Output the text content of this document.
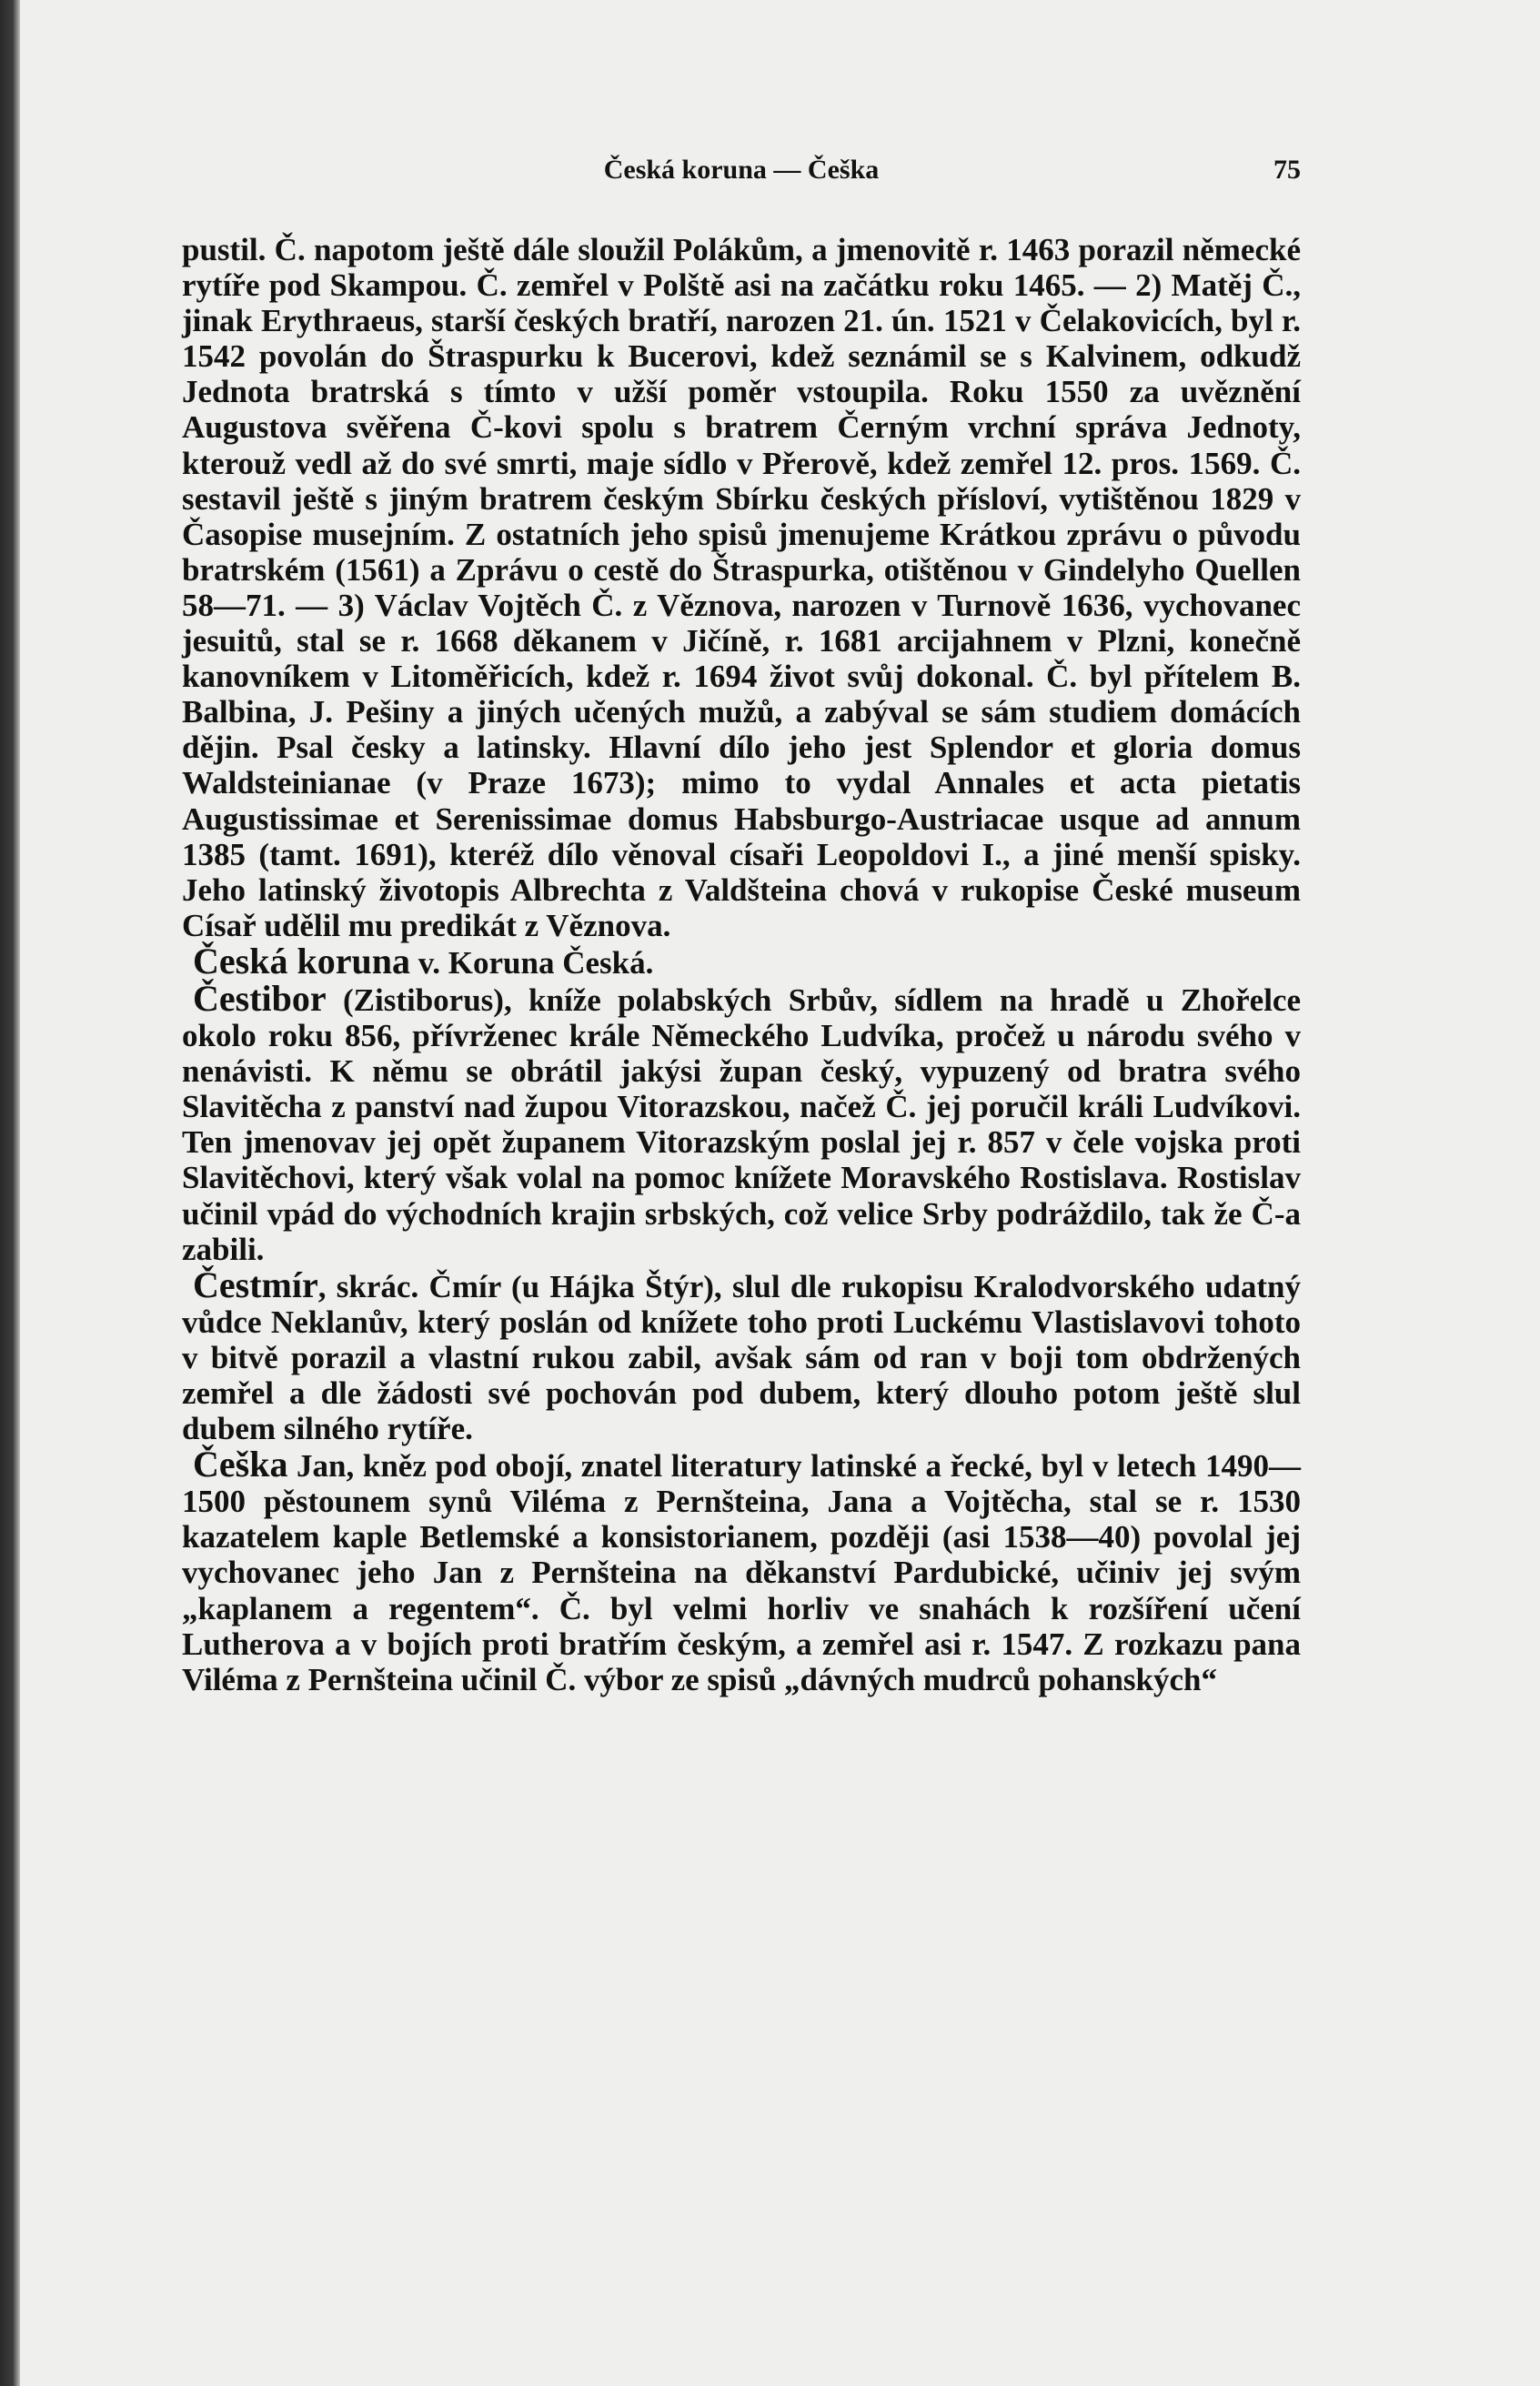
Česká koruna — Češka	75

pustil. Č. napotom ještě dále sloužil Polákům, a jmenovitě r. 1463 porazil německé rytíře pod Skampou. Č. zemřel v Polště asi na začátku roku 1465. — 2) Matěj Č., jinak Erythraeus, starší českých bratří, narozen 21. ún. 1521 v Čelakovicích, byl r. 1542 povolán do Štraspurku k Bucerovi, kdež seznámil se s Kalvinem, odkudž Jednota bratrská s tímto v užší poměr vstoupila. Roku 1550 za uvěznění Augustova svěřena Č-kovi spolu s bratrem Černým vrchní správa Jednoty, kterouž vedl až do své smrti, maje sídlo v Přerově, kdež zemřel 12. pros. 1569. Č. sestavil ještě s jiným bratrem českým Sbírku českých přísloví, vytištěnou 1829 v Časopise musejním. Z ostatních jeho spisů jmenujeme Krátkou zprávu o původu bratrském (1561) a Zprávu o cestě do Štraspurka, otištěnou v Gindelyho Quellen 58—71. — 3) Václav Vojtěch Č. z Věznova, narozen v Turnově 1636, vychovanec jesuitů, stal se r. 1668 děkanem v Jičíně, r. 1681 arcijahnem v Plzni, konečně kanovníkem v Litoměřicích, kdež r. 1694 život svůj dokonal. Č. byl přítelem B. Balbina, J. Pešiny a jiných učených mužů, a zabýval se sám studiem domácích dějin. Psal česky a latinsky. Hlavní dílo jeho jest Splendor et gloria domus Waldsteinianae (v Praze 1673); mimo to vydal Annales et acta pietatis Augustissimae et Serenissimae domus Habsburgo-Austriacae usque ad annum 1385 (tamt. 1691), kteréž dílo věnoval císaři Leopoldovi I., a jiné menší spisky. Jeho latinský životopis Albrechta z Valdšteina chová v rukopise České museum Císař udělil mu predikát z Věznova.

Česká koruna v. Koruna Česká.

Čestibor (Zistiborus), kníže polabských Srbův, sídlem na hradě u Zhořelce okolo roku 856, přívrženec krále Německého Ludvíka, pročež u národu svého v nenávisti. K němu se obrátil jakýsi župan český, vypuzený od bratra svého Slavitěcha z panství nad župou Vitorazskou, načež Č. jej poručil králi Ludvíkovi. Ten jmenovav jej opět županem Vitorazským poslal jej r. 857 v čele vojska proti Slavitěchovi, který však volal na pomoc knížete Moravského Rostislava. Rostislav učinil vpád do východních krajin srbských, což velice Srby podráždilo, tak že Č-a zabili.

Čestmír, skrác. Čmír (u Hájka Štýr), slul dle rukopisu Kralodvorského udatný vůdce Neklanův, který poslán od knížete toho proti Luckému Vlastislavovi tohoto v bitvě porazil a vlastní rukou zabil, avšak sám od ran v boji tom obdržených zemřel a dle žádosti své pochován pod dubem, který dlouho potom ještě slul dubem silného rytíře.

Češka Jan, kněz pod obojí, znatel literatury latinské a řecké, byl v letech 1490—1500 pěstounem synů Viléma z Pernšteina, Jana a Vojtěcha, stal se r. 1530 kazatelem kaple Betlemské a konsistorianem, později (asi 1538—40) povolal jej vychovanec jeho Jan z Pernšteina na děkanství Pardubické, učiniv jej svým „kaplanem a regentem“. Č. byl velmi horliv ve snahách k rozšíření učení Lutherova a v bojích proti bratřím českým, a zemřel asi r. 1547. Z rozkazu pana Viléma z Pernšteina učinil Č. výbor ze spisů „dávných mudrců pohanských“
